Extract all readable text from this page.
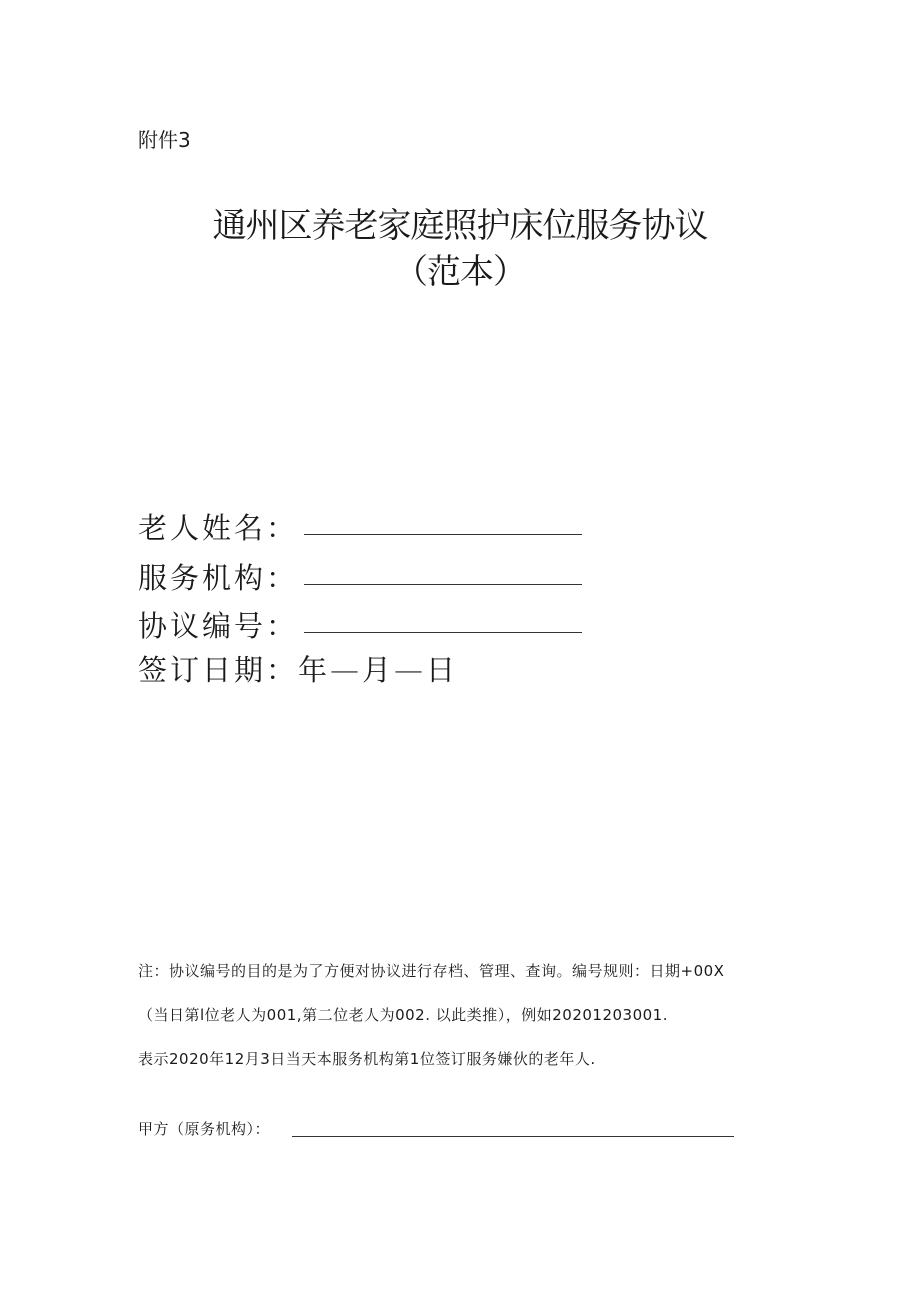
附件3
通州区养老家庭照护床位服务协议
（范本）
老人姓名：
服务机构：
协议编号：
签订日期：年—月—日
注：协议编号的目的是为了方便对协议进行存档、管理、查询。编号规则：日期+00X
（当日第l位老人为001,第二位老人为002. 以此类推），例如20201203001.
表示2020年12月3日当天本服务机构第1位签订服务嫌伙的老年人.
甲方（原务机构）：
